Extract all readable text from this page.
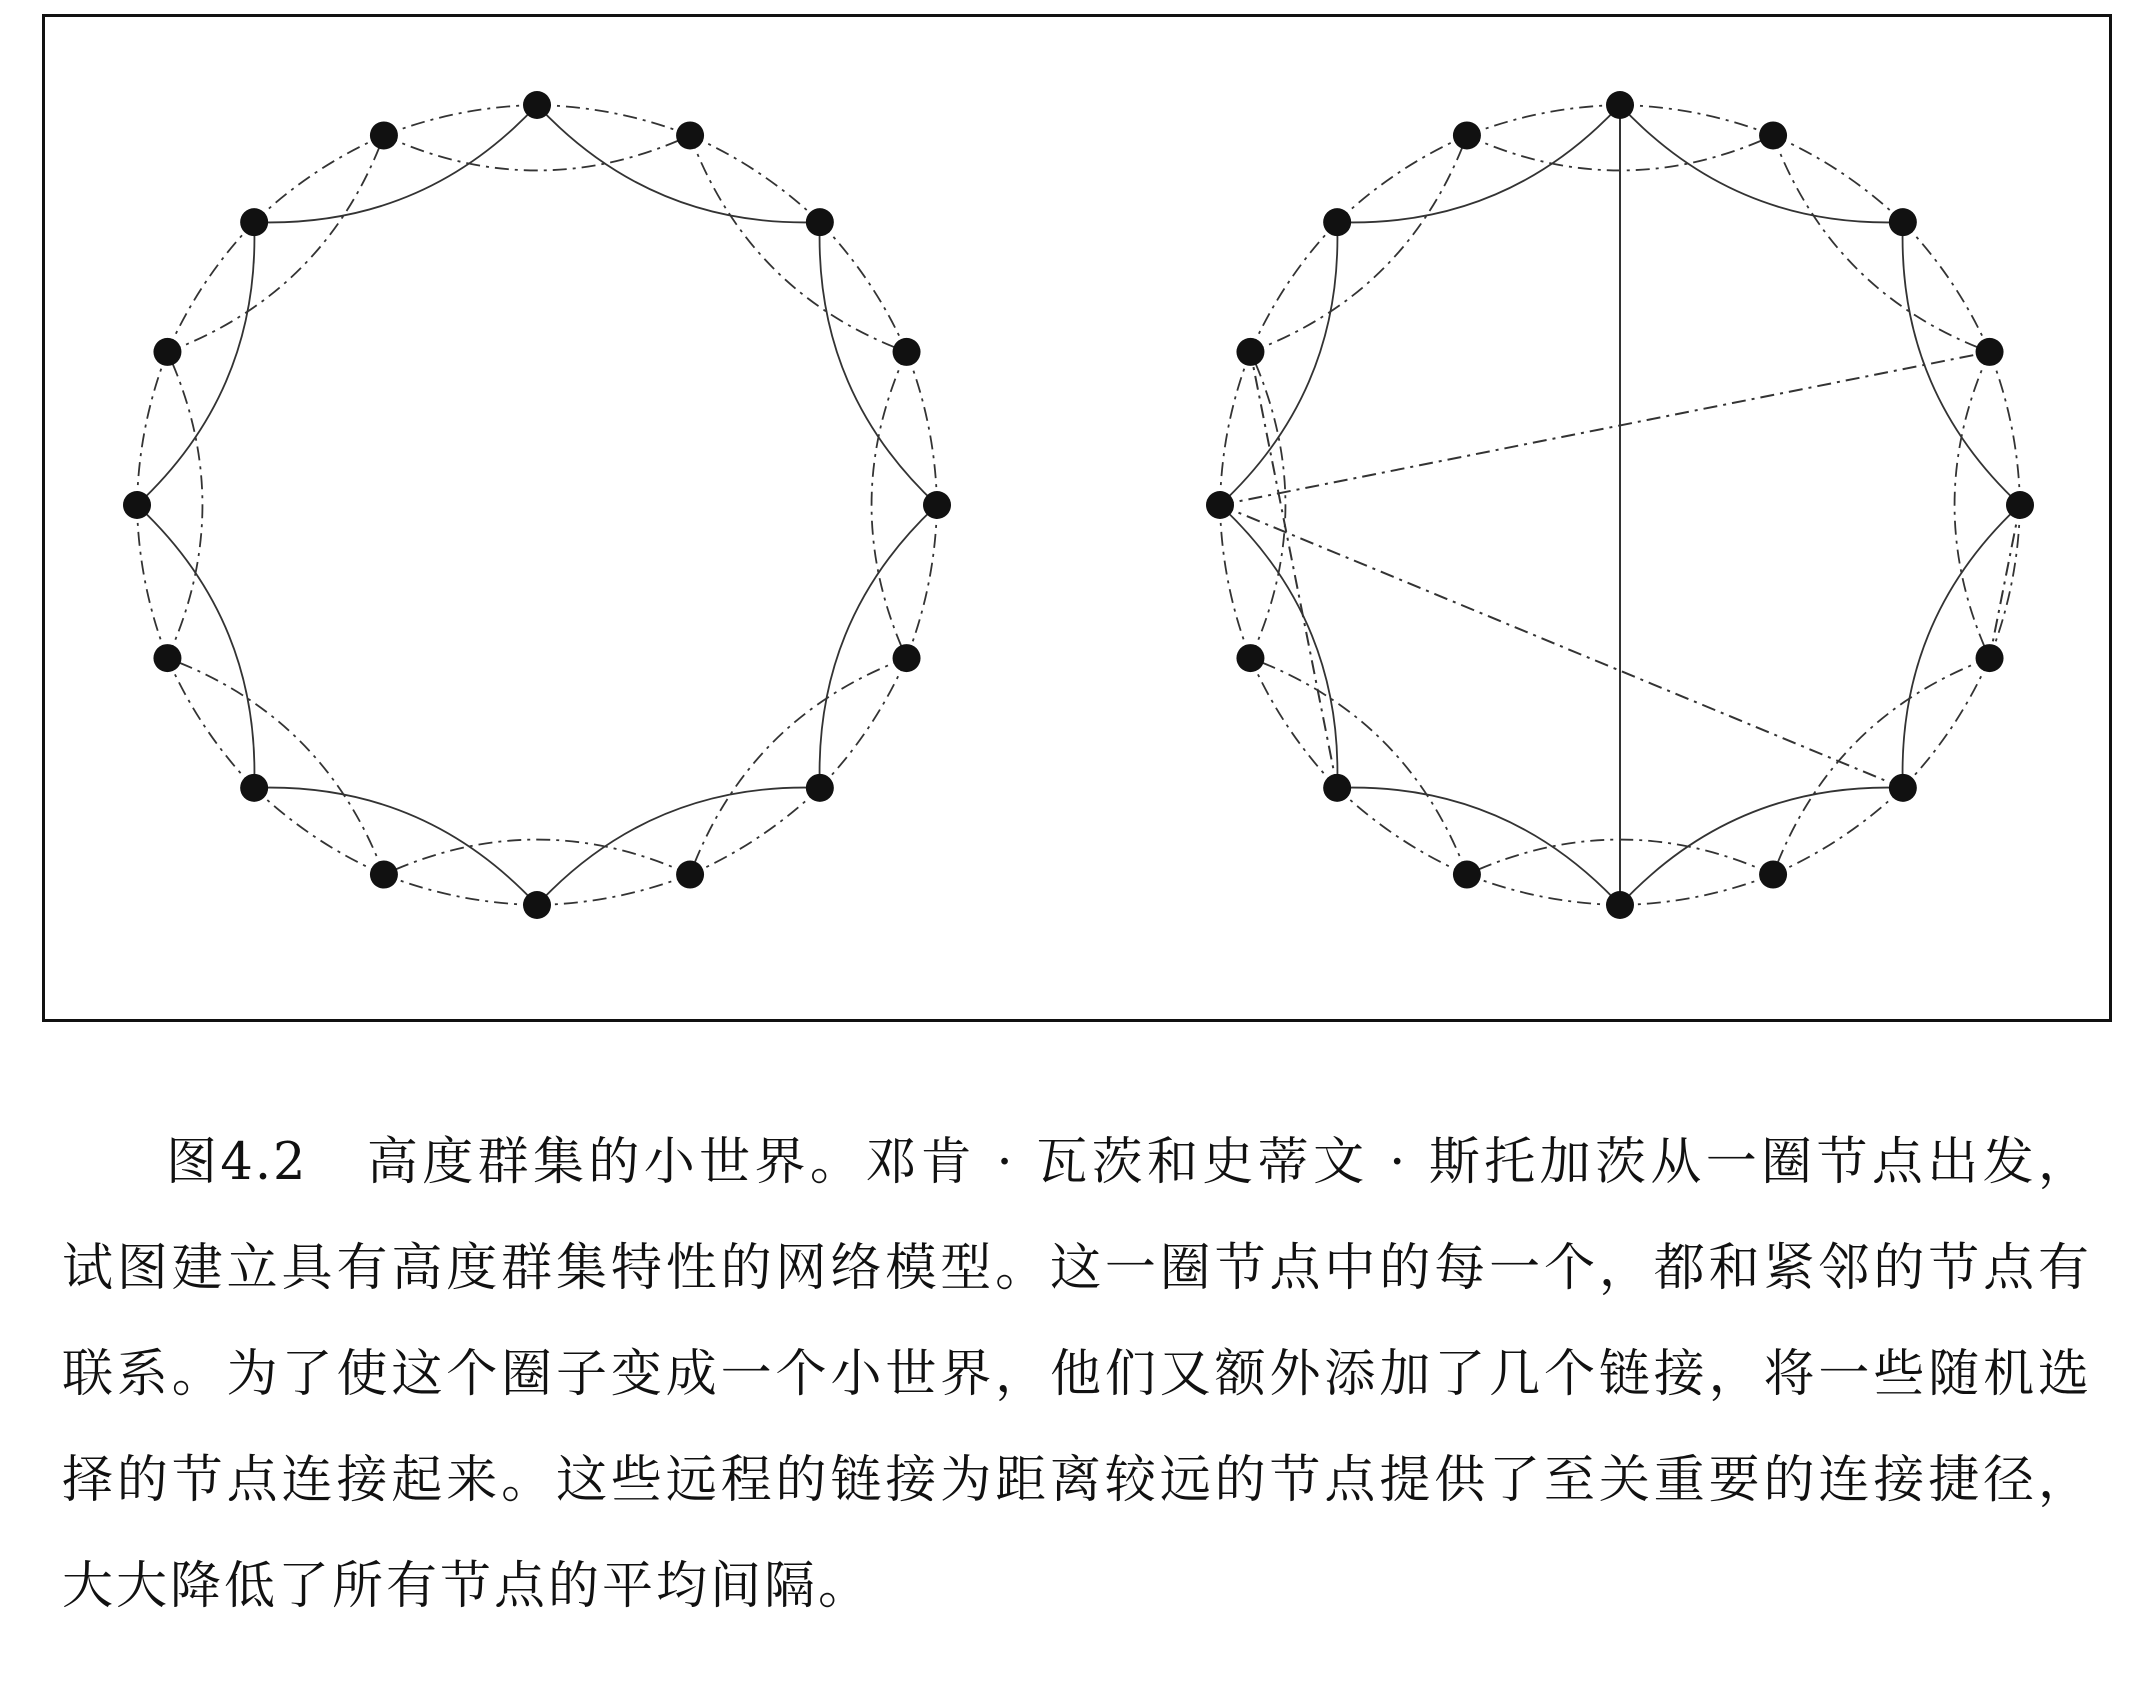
图4.2 高度群集的小世界。邓肯 · 瓦茨和史蒂文 · 斯托加茨从一圈节点出发，试图建立具有高度群集特性的网络模型。这一圈节点中的每一个，都和紧邻的节点有联系。为了使这个圈子变成一个小世界，他们又额外添加了几个链接，将一些随机选择的节点连接起来。这些远程的链接为距离较远的节点提供了至关重要的连接捷径，大大降低了所有节点的平均间隔。
